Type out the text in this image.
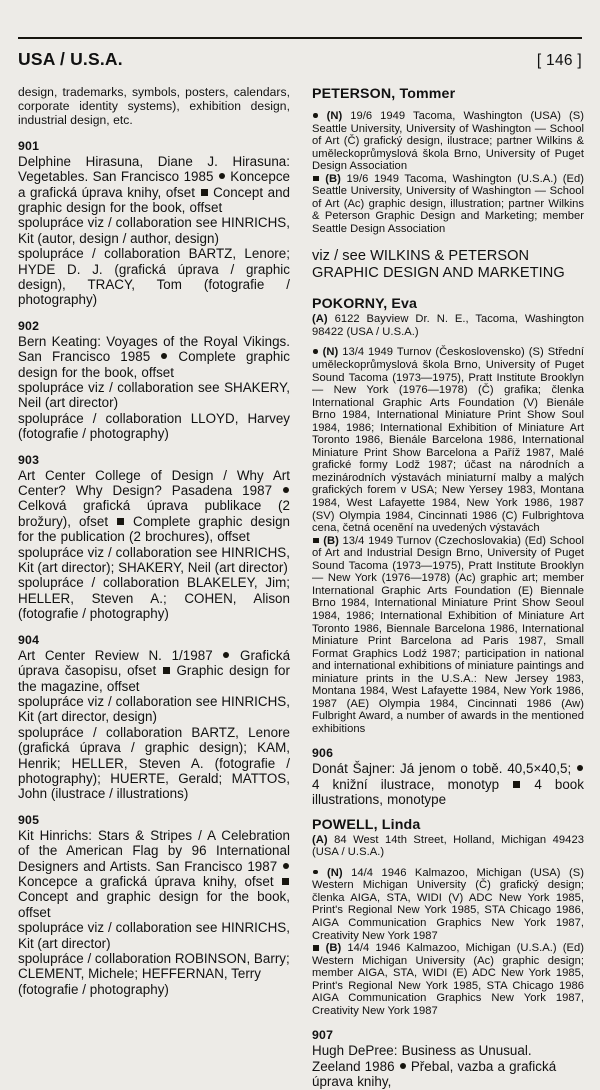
USA / U.S.A.	[ 146 ]

design, trademarks, symbols, posters, calendars, corporate identity systems), exhibition design, industrial design, etc.

901

Delphine Hirasuna, Diane J. Hirasuna: Vegetables. San Francisco 1985 Koncepce a grafická úprava knihy, ofset Concept and graphic design for the book, offset

spolupráce viz / collaboration see HINRICHS, Kit (autor, design / author, design)

spolupráce / collaboration BARTZ, Lenore; HYDE D. J. (grafická úprava / graphic design), TRACY, Tom (fotografie / photography)

902

Bern Keating: Voyages of the Royal Vikings. San Francisco 1985 Complete graphic design for the book, offset

spolupráce viz / collaboration see SHAKERY, Neil (art director)

spolupráce / collaboration LLOYD, Harvey (fotografie / photography)

903

Art Center College of Design / Why Art Center? Why Design? Pasadena 1987  Celková grafická úprava publikace (2 brožury), ofset Complete graphic design for the publication (2 brochures), offset

spolupráce viz / collaboration see HINRICHS, Kit (art director); SHAKERY, Neil (art director)

spolupráce / collaboration BLAKELEY, Jim; HELLER, Steven A.; COHEN, Alison (fotografie / photography)

904

Art Center Review N. 1/1987 Grafická úprava časopisu, ofset Graphic design for the magazine, offset

spolupráce viz / collaboration see HINRICHS, Kit (art director, design)

spolupráce / collaboration BARTZ, Lenore (grafická úprava / graphic design); KAM, Henrik; HELLER, Steven A. (fotografie / photography); HUERTE, Gerald; MATTOS, John (ilustrace / illustrations)

905

Kit Hinrichs: Stars & Stripes / A Celebration of the American Flag by 96 International Designers and Artists. San Francisco 1987  Koncepce a grafická úprava knihy, ofset  Concept and graphic design for the book, offset

spolupráce viz / collaboration see HINRICHS, Kit (art director)

spolupráce / collaboration ROBINSON, Barry; CLEMENT, Michele; HEFFERNAN, Terry (fotografie / photography)

PETERSON, Tommer

(N) 19/6 1949 Tacoma, Washington (USA) (S) Seattle University, University of Washington — School of Art (Č) grafický design, ilustrace; partner Wilkins & uměleckoprůmyslová škola Brno, University of Puget Design Association

(B) 19/6 1949 Tacoma, Washington (U.S.A.) (Ed) Seattle University, University of Washington — School of Art (Ac) graphic design, illustration; partner Wilkins & Peterson Graphic Design and Marketing; member Seattle Design Association

viz / see WILKINS & PETERSON GRAPHIC DESIGN AND MARKETING

POKORNY, Eva

(A) 6122 Bayview Dr. N. E., Tacoma, Washington 98422 (USA / U.S.A.)

(N) 13/4 1949 Turnov (Československo) (S) Střední uměleckoprůmyslová škola Brno, University of Puget Sound Tacoma (1973—1975), Pratt Institute Brooklyn — New York (1976—1978) (Č) grafika; členka International Graphic Arts Foundation (V) Bienále Brno 1984, International Miniature Print Show Soul 1984, 1986; International Exhibition of Miniature Art Toronto 1986, Bienále Barcelona 1986, International Miniature Print Show Barcelona a Paříž 1987, Malé grafické formy Lodž 1987; účast na národních a mezinárodních výstavách miniaturní malby a malých grafických forem v USA; New Yersey 1983, Montana 1984, West Lafayette 1984, New York 1986, 1987 (SV) Olympia 1984, Cincinnati 1986 (C) Fulbrightova cena, četná ocenění na uvedených výstavách

(B) 13/4 1949 Turnov (Czechoslovakia) (Ed) School of Art and Industrial Design Brno, University of Puget Sound Tacoma (1973—1975), Pratt Institute Brooklyn — New York (1976—1978) (Ac) graphic art; member International Graphic Arts Foundation (E) Biennale Brno 1984, International Miniature Print Show Seoul 1984, 1986; International Exhibition of Miniature Art Toronto 1986, Biennale Barcelona 1986, International Miniature Print Barcelona ad Paris 1987, Small Format Graphics Lodź 1987; participation in national and international exhibitions of miniature paintings and miniature prints in the U.S.A.: New Jersey 1983, Montana 1984, West Lafayette 1984, New York 1986, 1987 (AE) Olympia 1984, Cincinnati 1986 (Aw) Fulbright Award, a number of awards in the mentioned exhibitions

906

Donát Šajner: Já jenom o tobě. 40,5×40,5;  4 knižní ilustrace, monotyp	4 book illustrations, monotype

POWELL, Linda

(A) 84 West 14th Street, Holland, Michigan 49423 (USA / U.S.A.)

(N) 14/4 1946 Kalmazoo, Michigan (USA) (S) Western Michigan University (Č) grafický design; členka AIGA, STA, WIDI (V) ADC New York 1985, Print's Regional New York 1985, STA Chicago 1986, AIGA Communication Graphics New York 1987, Creativity New York 1987

(B) 14/4 1946 Kalmazoo, Michigan (U.S.A.) (Ed) Western Michigan University (Ac) graphic design; member AIGA, STA, WIDI (E) ADC New York 1985, Print's Regional New York 1985, STA Chicago 1986 AIGA Communication Graphics New York 1987, Creativity New York 1987

907

Hugh DePree: Business as Unusual. Zeeland 1986 Přebal, vazba a grafická úprava knihy,
